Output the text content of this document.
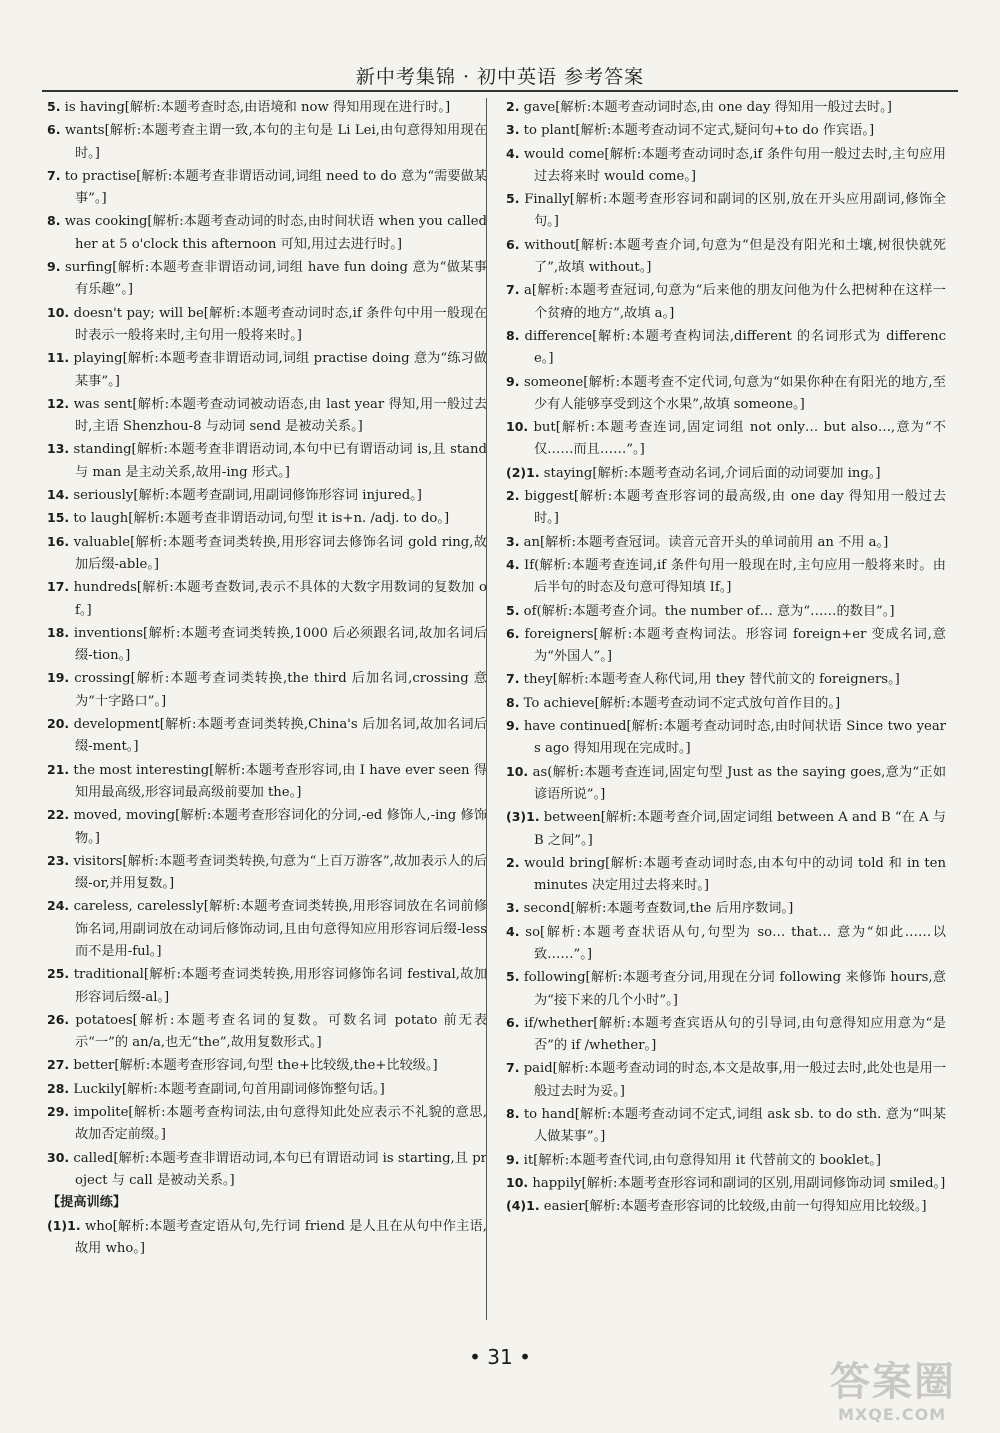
新中考集锦 · 初中英语 参考答案
5. is having[解析:本题考查时态,由语境和 now 得知用现在进行时。]
6. wants[解析:本题考查主谓一致,本句的主句是 Li Lei,由句意得知用现在时。]
7. to practise[解析:本题考查非谓语动词,词组 need to do 意为“需要做某事”。]
8. was cooking[解析:本题考查动词的时态,由时间状语 when you called her at 5 o'clock this afternoon 可知,用过去进行时。]
9. surfing[解析:本题考查非谓语动词,词组 have fun doing 意为“做某事有乐趣”。]
10. doesn't pay; will be[解析:本题考查动词时态,if 条件句中用一般现在时表示一般将来时,主句用一般将来时。]
11. playing[解析:本题考查非谓语动词,词组 practise doing 意为“练习做某事”。]
12. was sent[解析:本题考查动词被动语态,由 last year 得知,用一般过去时,主语 Shenzhou-8 与动词 send 是被动关系。]
13. standing[解析:本题考查非谓语动词,本句中已有谓语动词 is,且 stand 与 man 是主动关系,故用-ing 形式。]
14. seriously[解析:本题考查副词,用副词修饰形容词 injured。]
15. to laugh[解析:本题考查非谓语动词,句型 it is+n. /adj. to do。]
16. valuable[解析:本题考查词类转换,用形容词去修饰名词 gold ring,故加后缀-able。]
17. hundreds[解析:本题考查数词,表示不具体的大数字用数词的复数加 of。]
18. inventions[解析:本题考查词类转换,1000 后必须跟名词,故加名词后缀-tion。]
19. crossing[解析:本题考查词类转换,the third 后加名词,crossing 意为“十字路口”。]
20. development[解析:本题考查词类转换,China's 后加名词,故加名词后缀-ment。]
21. the most interesting[解析:本题考查形容词,由 I have ever seen 得知用最高级,形容词最高级前要加 the。]
22. moved, moving[解析:本题考查形容词化的分词,-ed 修饰人,-ing 修饰物。]
23. visitors[解析:本题考查词类转换,句意为“上百万游客”,故加表示人的后缀-or,并用复数。]
24. careless, carelessly[解析:本题考查词类转换,用形容词放在名词前修饰名词,用副词放在动词后修饰动词,且由句意得知应用形容词后缀-less 而不是用-ful。]
25. traditional[解析:本题考查词类转换,用形容词修饰名词 festival,故加形容词后缀-al。]
26. potatoes[解析:本题考查名词的复数。可数名词 potato 前无表示“一”的 an/a,也无“the”,故用复数形式。]
27. better[解析:本题考查形容词,句型 the+比较级,the+比较级。]
28. Luckily[解析:本题考查副词,句首用副词修饰整句话。]
29. impolite[解析:本题考查构词法,由句意得知此处应表示不礼貌的意思,故加否定前缀。]
30. called[解析:本题考查非谓语动词,本句已有谓语动词 is starting,且 project 与 call 是被动关系。]
【提高训练】
(1)1. who[解析:本题考查定语从句,先行词 friend 是人且在从句中作主语,故用 who。]
2. gave[解析:本题考查动词时态,由 one day 得知用一般过去时。]
3. to plant[解析:本题考查动词不定式,疑问句+to do 作宾语。]
4. would come[解析:本题考查动词时态,if 条件句用一般过去时,主句应用过去将来时 would come。]
5. Finally[解析:本题考查形容词和副词的区别,放在开头应用副词,修饰全句。]
6. without[解析:本题考查介词,句意为“但是没有阳光和土壤,树很快就死了”,故填 without。]
7. a[解析:本题考查冠词,句意为“后来他的朋友问他为什么把树种在这样一个贫瘠的地方”,故填 a。]
8. difference[解析:本题考查构词法,different 的名词形式为 difference。]
9. someone[解析:本题考查不定代词,句意为“如果你种在有阳光的地方,至少有人能够享受到这个水果”,故填 someone。]
10. but[解析:本题考查连词,固定词组 not only… but also…,意为“不仅……而且……”。]
(2)1. staying[解析:本题考查动名词,介词后面的动词要加 ing。]
2. biggest[解析:本题考查形容词的最高级,由 one day 得知用一般过去时。]
3. an[解析:本题考查冠词。读音元音开头的单词前用 an 不用 a。]
4. If(解析:本题考查连词,if 条件句用一般现在时,主句应用一般将来时。由后半句的时态及句意可得知填 If。]
5. of(解析:本题考查介词。the number of… 意为“……的数目”。]
6. foreigners[解析:本题考查构词法。形容词 foreign+er 变成名词,意为“外国人”。]
7. they[解析:本题考查人称代词,用 they 替代前文的 foreigners。]
8. To achieve[解析:本题考查动词不定式放句首作目的。]
9. have continued[解析:本题考查动词时态,由时间状语 Since two years ago 得知用现在完成时。]
10. as(解析:本题考查连词,固定句型 Just as the saying goes,意为“正如谚语所说”。]
(3)1. between[解析:本题考查介词,固定词组 between A and B “在 A 与 B 之间”。]
2. would bring[解析:本题考查动词时态,由本句中的动词 told 和 in ten minutes 决定用过去将来时。]
3. second[解析:本题考查数词,the 后用序数词。]
4. so[解析:本题考查状语从句,句型为 so… that… 意为“如此……以致……”。]
5. following[解析:本题考查分词,用现在分词 following 来修饰 hours,意为“接下来的几个小时”。]
6. if/whether[解析:本题考查宾语从句的引导词,由句意得知应用意为“是否”的 if /whether。]
7. paid[解析:本题考查动词的时态,本文是故事,用一般过去时,此处也是用一般过去时为妥。]
8. to hand[解析:本题考查动词不定式,词组 ask sb. to do sth. 意为“叫某人做某事”。]
9. it[解析:本题考查代词,由句意得知用 it 代替前文的 booklet。]
10. happily[解析:本题考查形容词和副词的区别,用副词修饰动词 smiled。]
(4)1. easier[解析:本题考查形容词的比较级,由前一句得知应用比较级。]
• 31 •
答案圈
MXQE.COM
